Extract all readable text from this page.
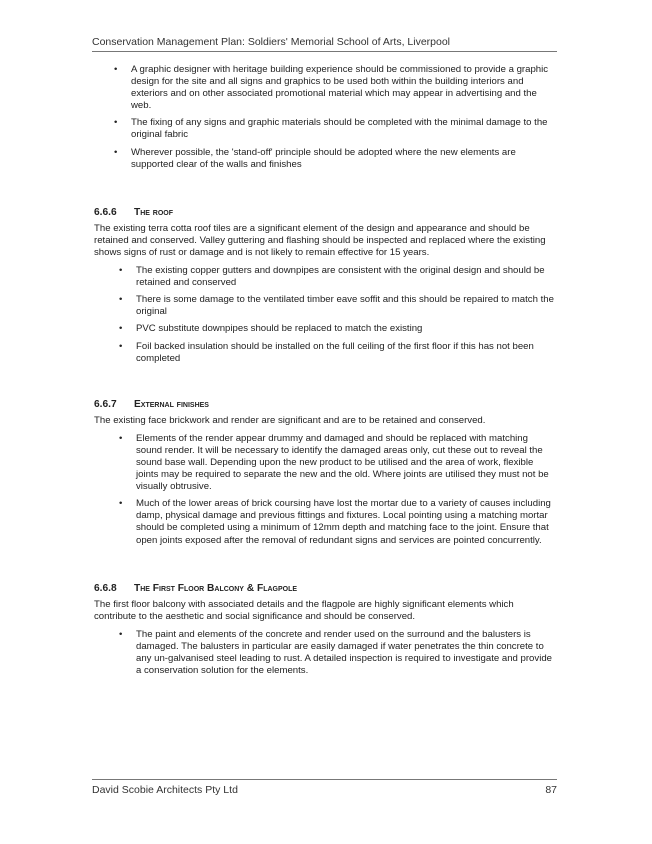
Conservation Management Plan: Soldiers' Memorial School of Arts, Liverpool
• A graphic designer with heritage building experience should be commissioned to provide a graphic design for the site and all signs and graphics to be used both within the building interiors and exteriors and on other associated promotional material which may appear in advertising and the web.
• The fixing of any signs and graphic materials should be completed with the minimal damage to the original fabric
• Wherever possible, the 'stand-off' principle should be adopted where the new elements are supported clear of the walls and finishes
6.6.6 The roof
The existing terra cotta roof tiles are a significant element of the design and appearance and should be retained and conserved. Valley guttering and flashing should be inspected and replaced where the existing shows signs of rust or damage and is not likely to remain effective for 15 years.
• The existing copper gutters and downpipes are consistent with the original design and should be retained and conserved
• There is some damage to the ventilated timber eave soffit and this should be repaired to match the original
• PVC substitute downpipes should be replaced to match the existing
• Foil backed insulation should be installed on the full ceiling of the first floor if this has not been completed
6.6.7 External finishes
The existing face brickwork and render are significant and are to be retained and conserved.
• Elements of the render appear drummy and damaged and should be replaced with matching sound render. It will be necessary to identify the damaged areas only, cut these out to reveal the sound base wall. Depending upon the new product to be utilised and the area of work, flexible joints may be required to separate the new and the old. Where joints are utilised they must not be visually obtrusive.
• Much of the lower areas of brick coursing have lost the mortar due to a variety of causes including damp, physical damage and previous fittings and fixtures. Local pointing using a matching mortar should be completed using a minimum of 12mm depth and matching face to the joint. Ensure that open joints exposed after the removal of redundant signs and services are pointed concurrently.
6.6.8 The First Floor Balcony & Flagpole
The first floor balcony with associated details and the flagpole are highly significant elements which contribute to the aesthetic and social significance and should be conserved.
• The paint and elements of the concrete and render used on the surround and the balusters is damaged. The balusters in particular are easily damaged if water penetrates the thin concrete to any un-galvanised steel leading to rust. A detailed inspection is required to investigate and provide a conservation solution for the elements.
David Scobie Architects Pty Ltd	87
